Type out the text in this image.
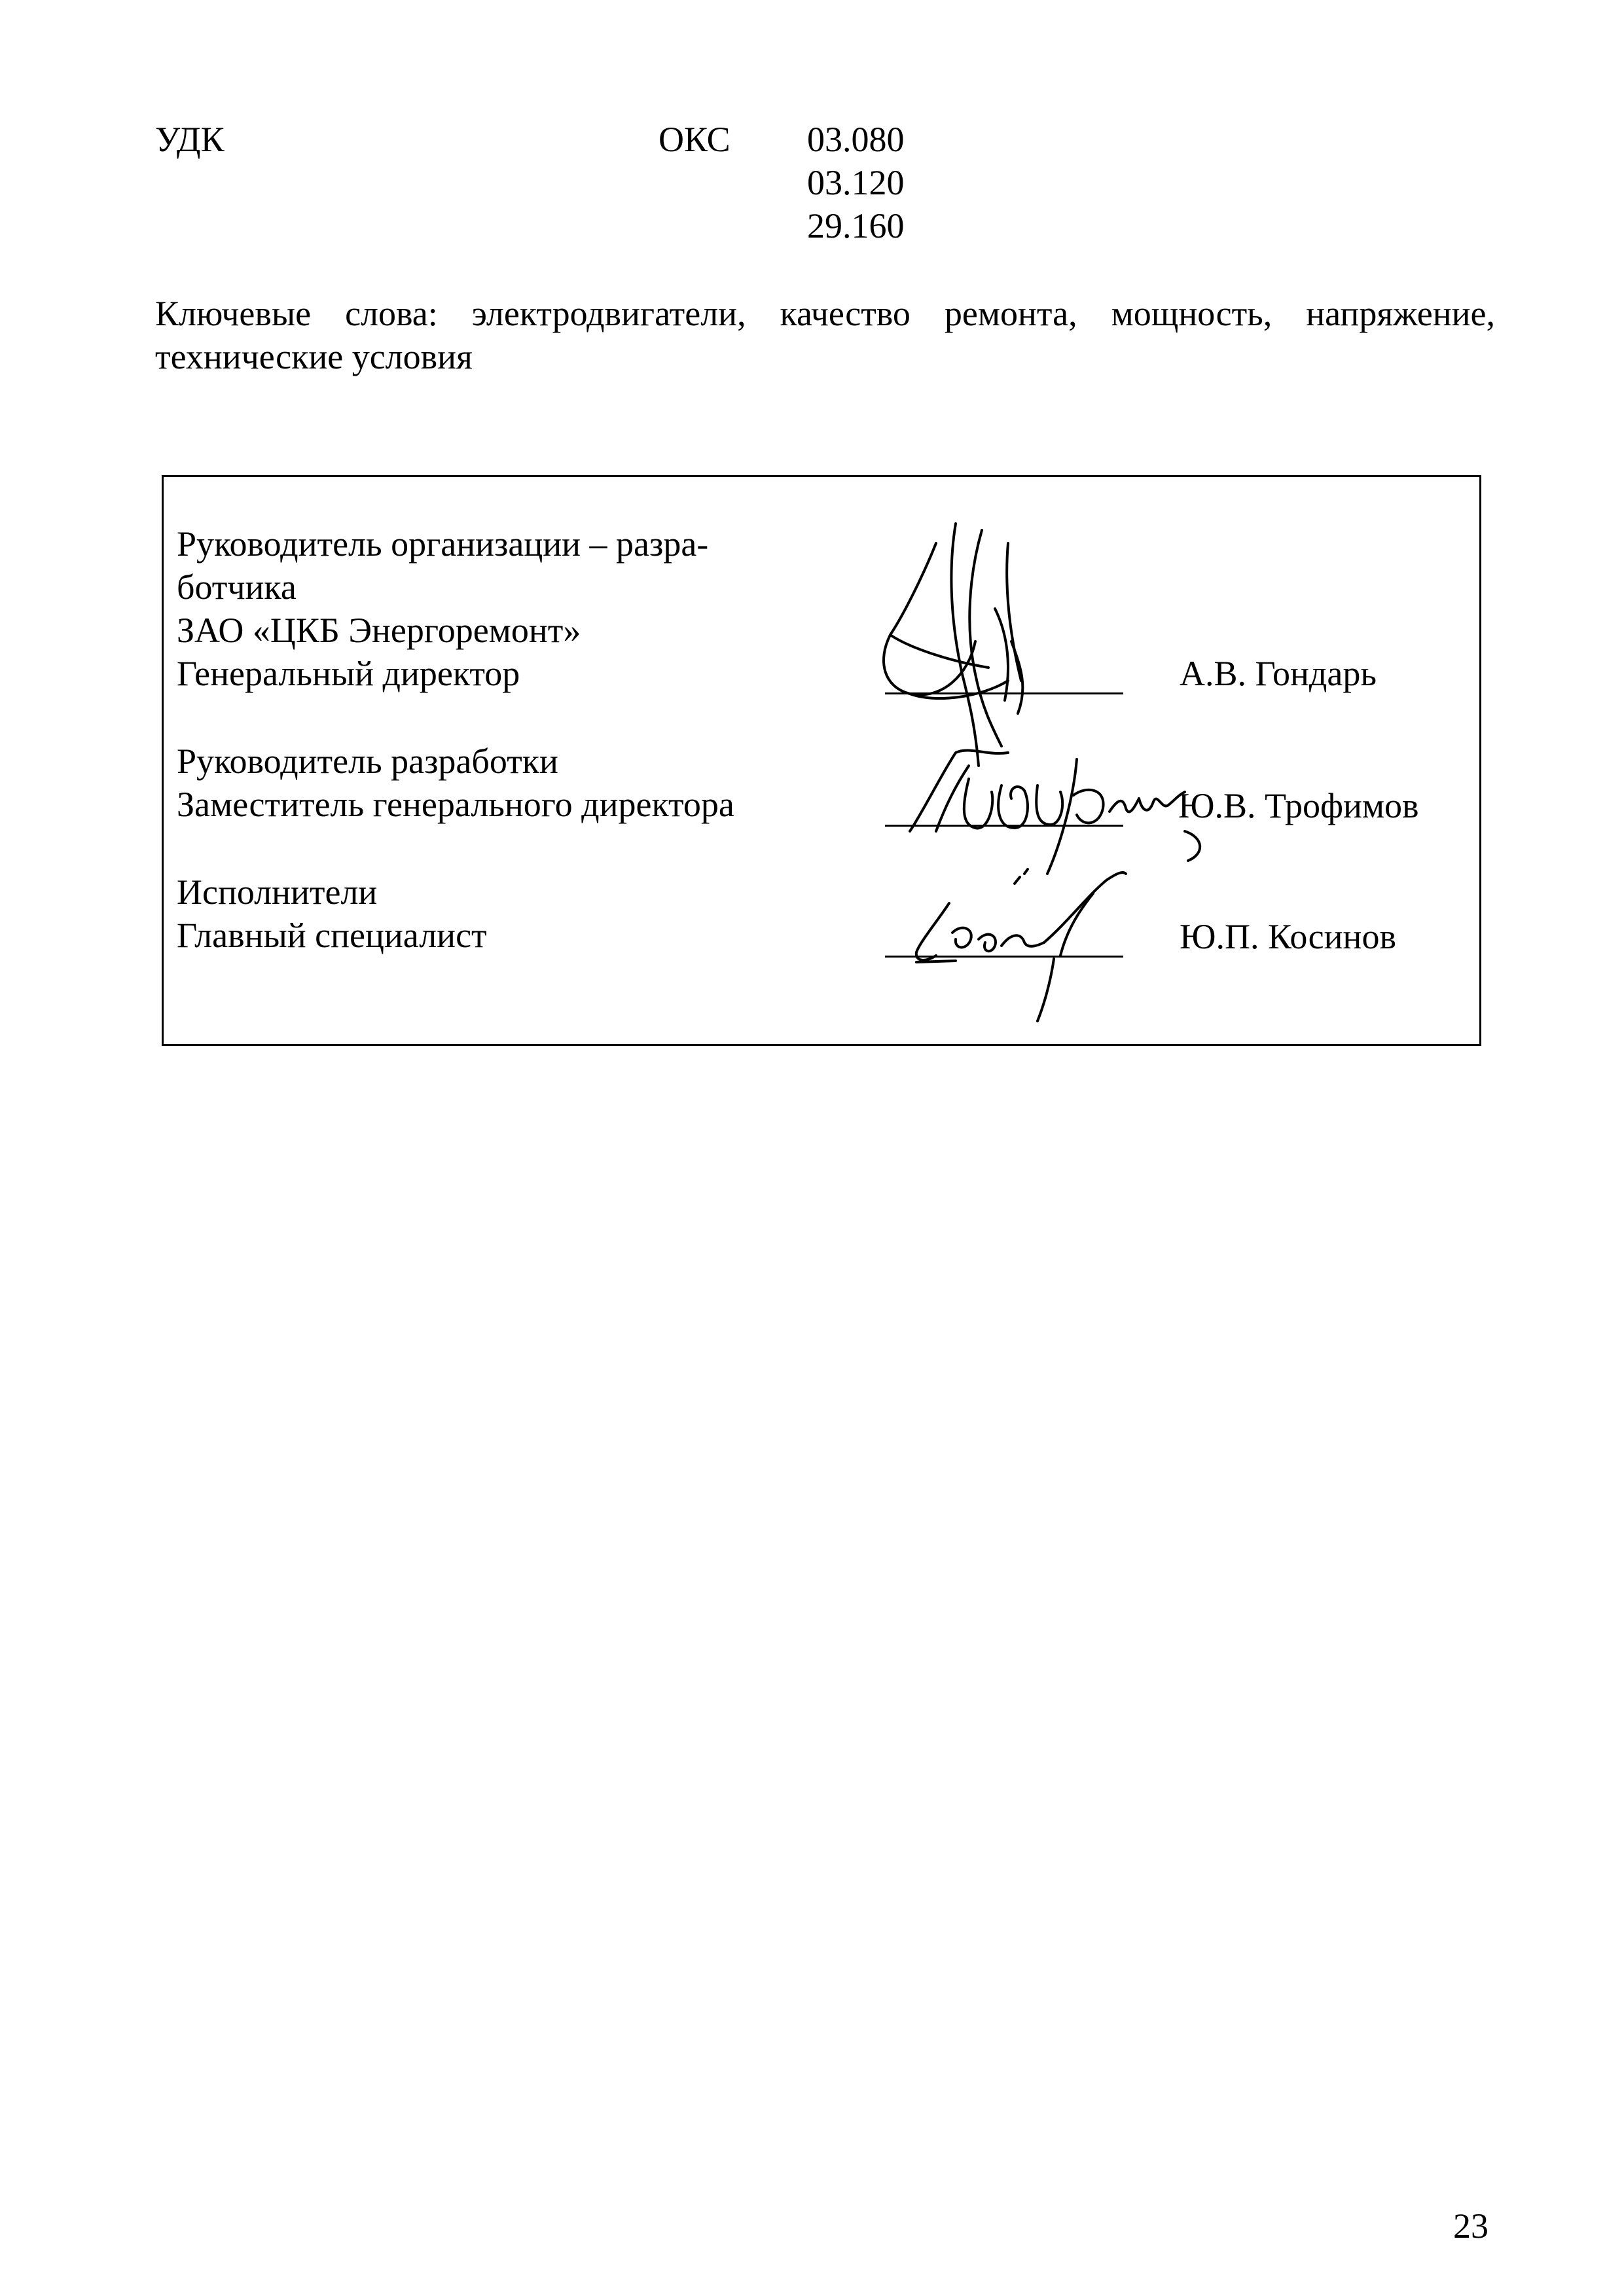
УДК	ОКС 03.080
03.120
29.160
Ключевые слова: электродвигатели, качество ремонта, мощность, напряжение,
технические условия
Руководитель организации – разра-
ботчика
ЗАО «ЦКБ Энергоремонт»
Генеральный директор	А.В. Гондарь
Руководитель разработки
Заместитель генерального директора	Ю.В. Трофимов
Исполнители
Главный специалист	Ю.П. Косинов
23
